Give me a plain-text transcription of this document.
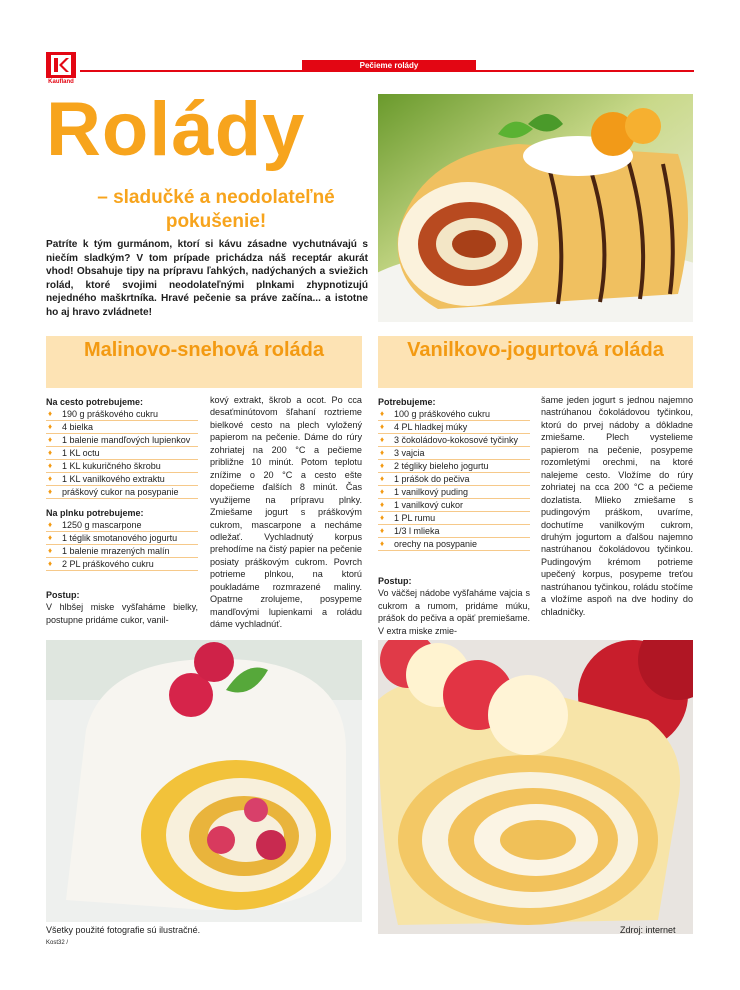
Kaufland
Pečieme rolády
Rolády
– sladučké a neodolateľné pokušenie!
Patríte k tým gurmánom, ktorí si kávu zásadne vychutnávajú s niečím sladkým? V tom prípade prichádza náš receptár akurát vhod! Obsahuje tipy na prípravu ľahkých, nadýchaných a sviežich rolád, ktoré svojimi neodolateľnými plnkami zhypnotizujú nejedného maškrtníka. Hravé pečenie sa práve začína... a istotne ho aj hravo zvládnete!
Malinovo-snehová roláda
Na cesto potrebujeme:
♦ 190 g práškového cukru
♦ 4 bielka
♦ 1 balenie mandľových lupienkov
♦ 1 KL octu
♦ 1 KL kukuričného škrobu
♦ 1 KL vanilkového extraktu
♦ práškový cukor na posypanie
Na plnku potrebujeme:
♦ 1250 g mascarpone
♦ 1 téglik smotanového jogurtu
♦ 1 balenie mrazených malín
♦ 2 PL práškového cukru
Postup:
V hlbšej miske vyšľaháme bielky, postupne pridáme cukor, vanil-
kový extrakt, škrob a ocot. Po cca desaťminútovom šľahaní roztrieme bielkové cesto na plech vyložený papierom na pečenie. Dáme do rúry zohriatej na 200 °C a pečieme približne 10 minút. Potom teplotu znížime o 20 °C a cesto ešte dopečieme ďalších 8 minút. Čas využijeme na prípravu plnky. Zmiešame jogurt s práškovým cukrom, mascarpone a necháme odležať. Vychladnutý korpus prehodíme na čistý papier na pečenie posiaty práškovým cukrom. Povrch potrieme plnkou, na ktorú poukladáme rozmrazené maliny. Opatrne zrolujeme, posypeme mandľovými lupienkami a roládu dáme vychladnúť.
Vanilkovo-jogurtová roláda
Potrebujeme:
♦ 100 g práškového cukru
♦ 4 PL hladkej múky
♦ 3 čokoládovo-kokosové tyčinky
♦ 3 vajcia
♦ 2 tégliky bieleho jogurtu
♦ 1 prášok do pečiva
♦ 1 vanilkový puding
♦ 1 vanilkový cukor
♦ 1 PL rumu
♦ 1/3 l mlieka
♦ orechy na posypanie
Postup:
Vo väčšej nádobe vyšľaháme vajcia s cukrom a rumom, pridáme múku, prášok do pečiva a opäť premiešame. V extra miske zmie-
šame jeden jogurt s jednou najemno nastrúhanou čokoládovou tyčinkou, ktorú do prvej nádoby a dôkladne zmiešame. Plech vystelieme papierom na pečenie, posypeme rozomletými orechmi, na ktoré nalejeme cesto. Vložíme do rúry zohriatej na cca 200 °C a pečieme dozlatista. Mlieko zmiešame s pudingovým práškom, uvaríme, dochutíme vanilkovým cukrom, druhým jogurtom a ďalšou najemno nastrúhanou čokoládovou tyčinkou. Pudingovým krémom potrieme upečený korpus, posypeme treťou nastrúhanou tyčinkou, roládu stočíme a vložíme aspoň na dve hodiny do chladničky.
Všetky použité fotografie sú ilustračné.
Kost32 /
Zdroj: internet
